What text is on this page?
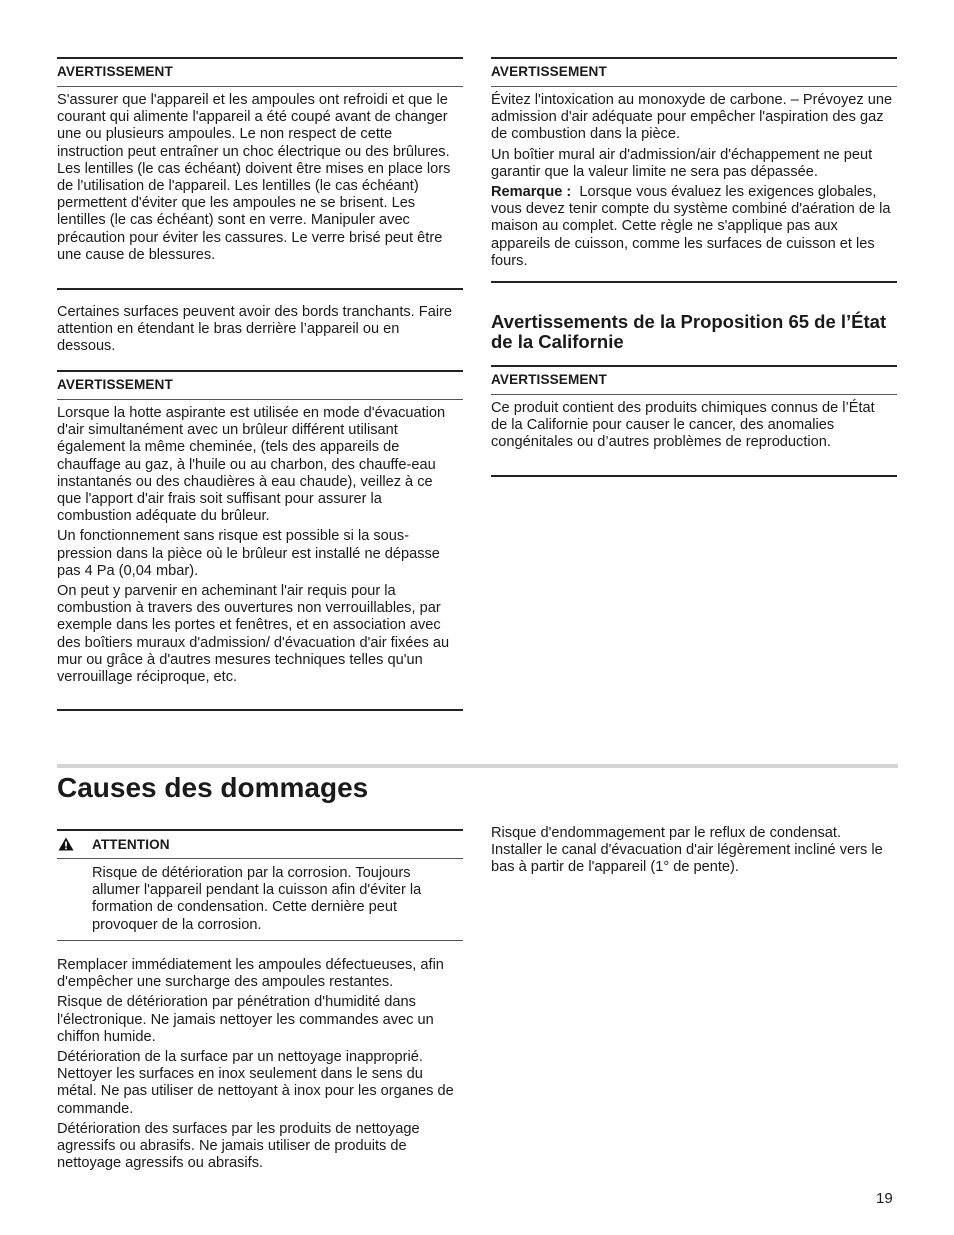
AVERTISSEMENT

S'assurer que l'appareil et les ampoules ont refroidi et que le courant qui alimente l'appareil a été coupé avant de changer une ou plusieurs ampoules. Le non respect de cette instruction peut entraîner un choc électrique ou des brûlures. Les lentilles (le cas échéant) doivent être mises en place lors de l'utilisation de l'appareil. Les lentilles (le cas échéant) permettent d'éviter que les ampoules ne se brisent. Les lentilles (le cas échéant) sont en verre. Manipuler avec précaution pour éviter les cassures. Le verre brisé peut être une cause de blessures.

Certaines surfaces peuvent avoir des bords tranchants. Faire attention en étendant le bras derrière l’appareil ou en dessous.

AVERTISSEMENT

Lorsque la hotte aspirante est utilisée en mode d'évacuation d'air simultanément avec un brûleur différent utilisant également la même cheminée, (tels des appareils de chauffage au gaz, à l'huile ou au charbon, des chauffe-eau instantanés ou des chaudières à eau chaude), veillez à ce que l'apport d'air frais soit suffisant pour assurer la combustion adéquate du brûleur.

Un fonctionnement sans risque est possible si la sous-pression dans la pièce où le brûleur est installé ne dépasse pas 4 Pa (0,04 mbar).

On peut y parvenir en acheminant l'air requis pour la combustion à travers des ouvertures non verrouillables, par exemple dans les portes et fenêtres, et en association avec des boîtiers muraux d'admission/ d'évacuation d'air fixées au mur ou grâce à d'autres mesures techniques telles qu'un verrouillage réciproque, etc.

AVERTISSEMENT

Évitez l'intoxication au monoxyde de carbone. – Prévoyez une admission d'air adéquate pour empêcher l'aspiration des gaz de combustion dans la pièce.

Un boîtier mural air d'admission/air d'échappement ne peut garantir que la valeur limite ne sera pas dépassée.

Remarque : Lorsque vous évaluez les exigences globales, vous devez tenir compte du système combiné d'aération de la maison au complet. Cette règle ne s'applique pas aux appareils de cuisson, comme les surfaces de cuisson et les fours.

Avertissements de la Proposition 65 de l’État de la Californie
AVERTISSEMENT

Ce produit contient des produits chimiques connus de l’État de la Californie pour causer le cancer, des anomalies congénitales ou d’autres problèmes de reproduction.

Causes des dommages
ATTENTION

Risque de détérioration par la corrosion. Toujours allumer l'appareil pendant la cuisson afin d'éviter la formation de condensation. Cette dernière peut provoquer de la corrosion.

Remplacer immédiatement les ampoules défectueuses, afin d'empêcher une surcharge des ampoules restantes.

Risque de détérioration par pénétration d'humidité dans l'électronique. Ne jamais nettoyer les commandes avec un chiffon humide.

Détérioration de la surface par un nettoyage inapproprié. Nettoyer les surfaces en inox seulement dans le sens du métal. Ne pas utiliser de nettoyant à inox pour les organes de commande.

Détérioration des surfaces par les produits de nettoyage agressifs ou abrasifs. Ne jamais utiliser de produits de nettoyage agressifs ou abrasifs.

Risque d'endommagement par le reflux de condensat. Installer le canal d'évacuation d'air légèrement incliné vers le bas à partir de l'appareil (1° de pente).

19
